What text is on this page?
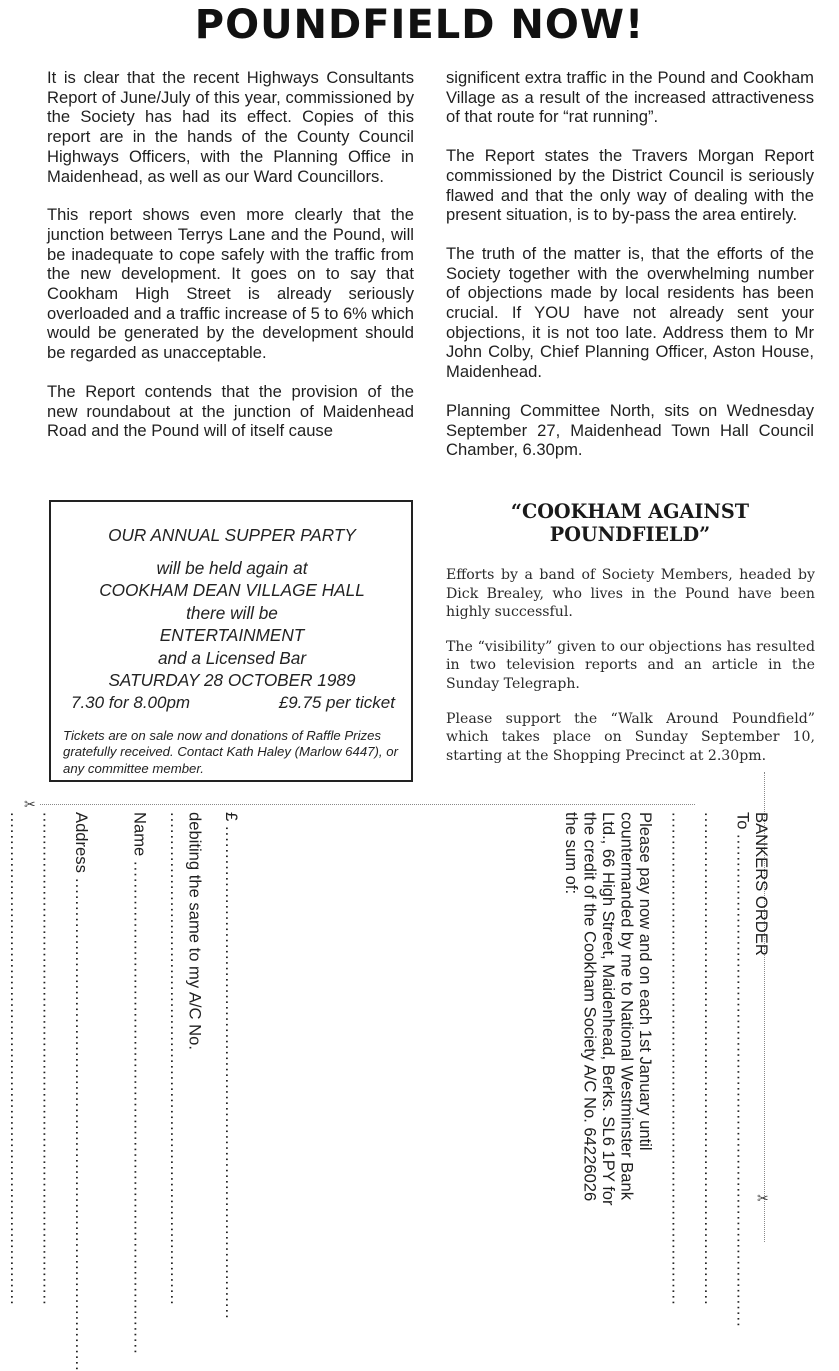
POUNDFIELD NOW!

It is clear that the recent Highways Consultants Report of June/July of this year, commissioned by the Society has had its effect. Copies of this report are in the hands of the County Council Highways Officers, with the Planning Office in Maidenhead, as well as our Ward Councillors.

This report shows even more clearly that the junction between Terrys Lane and the Pound, will be inadequate to cope safely with the traffic from the new development. It goes on to say that Cookham High Street is already seriously overloaded and a traffic increase of 5 to 6% which would be generated by the development should be regarded as unacceptable.

The Report contends that the provision of the new roundabout at the junction of Maidenhead Road and the Pound will of itself cause

significent extra traffic in the Pound and Cookham Village as a result of the increased attractiveness of that route for “rat running”.

The Report states the Travers Morgan Report commissioned by the District Council is seriously flawed and that the only way of dealing with the present situation, is to by-pass the area entirely.

The truth of the matter is, that the efforts of the Society together with the overwhelming number of objections made by local residents has been crucial. If YOU have not already sent your objections, it is not too late. Address them to Mr John Colby, Chief Planning Officer, Aston House, Maidenhead.

Planning Committee North, sits on Wednesday September 27, Maidenhead Town Hall Council Chamber, 6.30pm.

OUR ANNUAL SUPPER PARTY
will be held again at
COOKHAM DEAN VILLAGE HALL
there will be
ENTERTAINMENT
and a Licensed Bar
SATURDAY 28 OCTOBER 1989
7.30 for 8.00pm	£9.75 per ticket
Tickets are on sale now and donations of Raffle Prizes gratefully received. Contact Kath Haley (Marlow 6447), or any committee member.
“COOKHAM AGAINST POUNDFIELD”

Efforts by a band of Society Members, headed by Dick Brealey, who lives in the Pound have been highly successful.

The “visibility” given to our objections has resulted in two television reports and an article in the Sunday Telegraph.

Please support the “Walk Around Poundfield” which takes place on Sunday September 10, starting at the Shopping Precinct at 2.30pm.

✂
✂
BANKERS ORDER
To ........................................................................................
........................................................................................ ........................................................................................
Please pay now and on each 1st January until countermanded by me to National Westminster Bank Ltd., 66 High Street, Maidenhead, Berks. SL6 1PY for the credit of the Cookham Society A/C No. 64226026 the sum of:
£ ........................................................................................
debiting the same to my A/C No. ........................................................................................
Name ........................................................................................
Address ........................................................................................
........................................................................................ ........................................................................................
